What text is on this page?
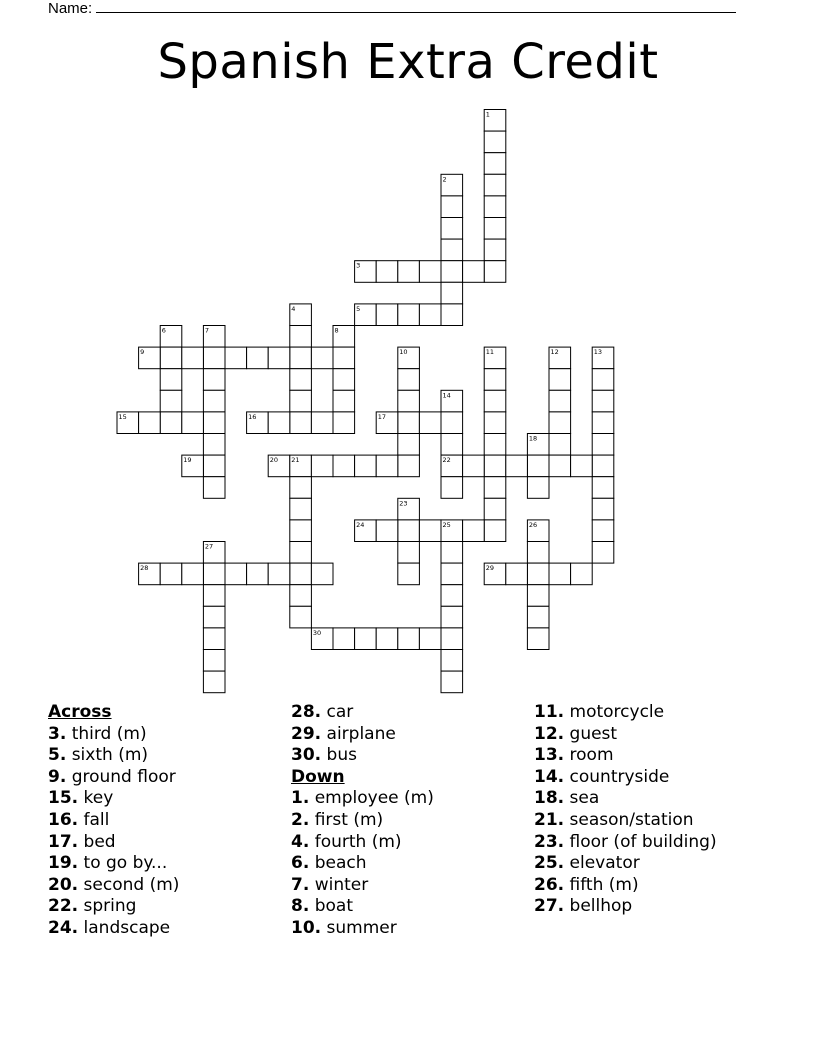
Name:
Spanish Extra Credit
1
2
3
4	5
6	7	8
9	10	11	12	13
14
15	16	17
18
19	20 21	22
23
24	25	26
27
28	29
30
Across
3. third (m)
5. sixth (m)
9. ground floor
15. key
16. fall
17. bed
19. to go by...
20. second (m)
22. spring
24. landscape
28. car
29. airplane
30. bus
Down
1. employee (m)
2. first (m)
4. fourth (m)
6. beach
7. winter
8. boat
10. summer
11. motorcycle
12. guest
13. room
14. countryside
18. sea
21. season/station
23. floor (of building)
25. elevator
26. fifth (m)
27. bellhop
